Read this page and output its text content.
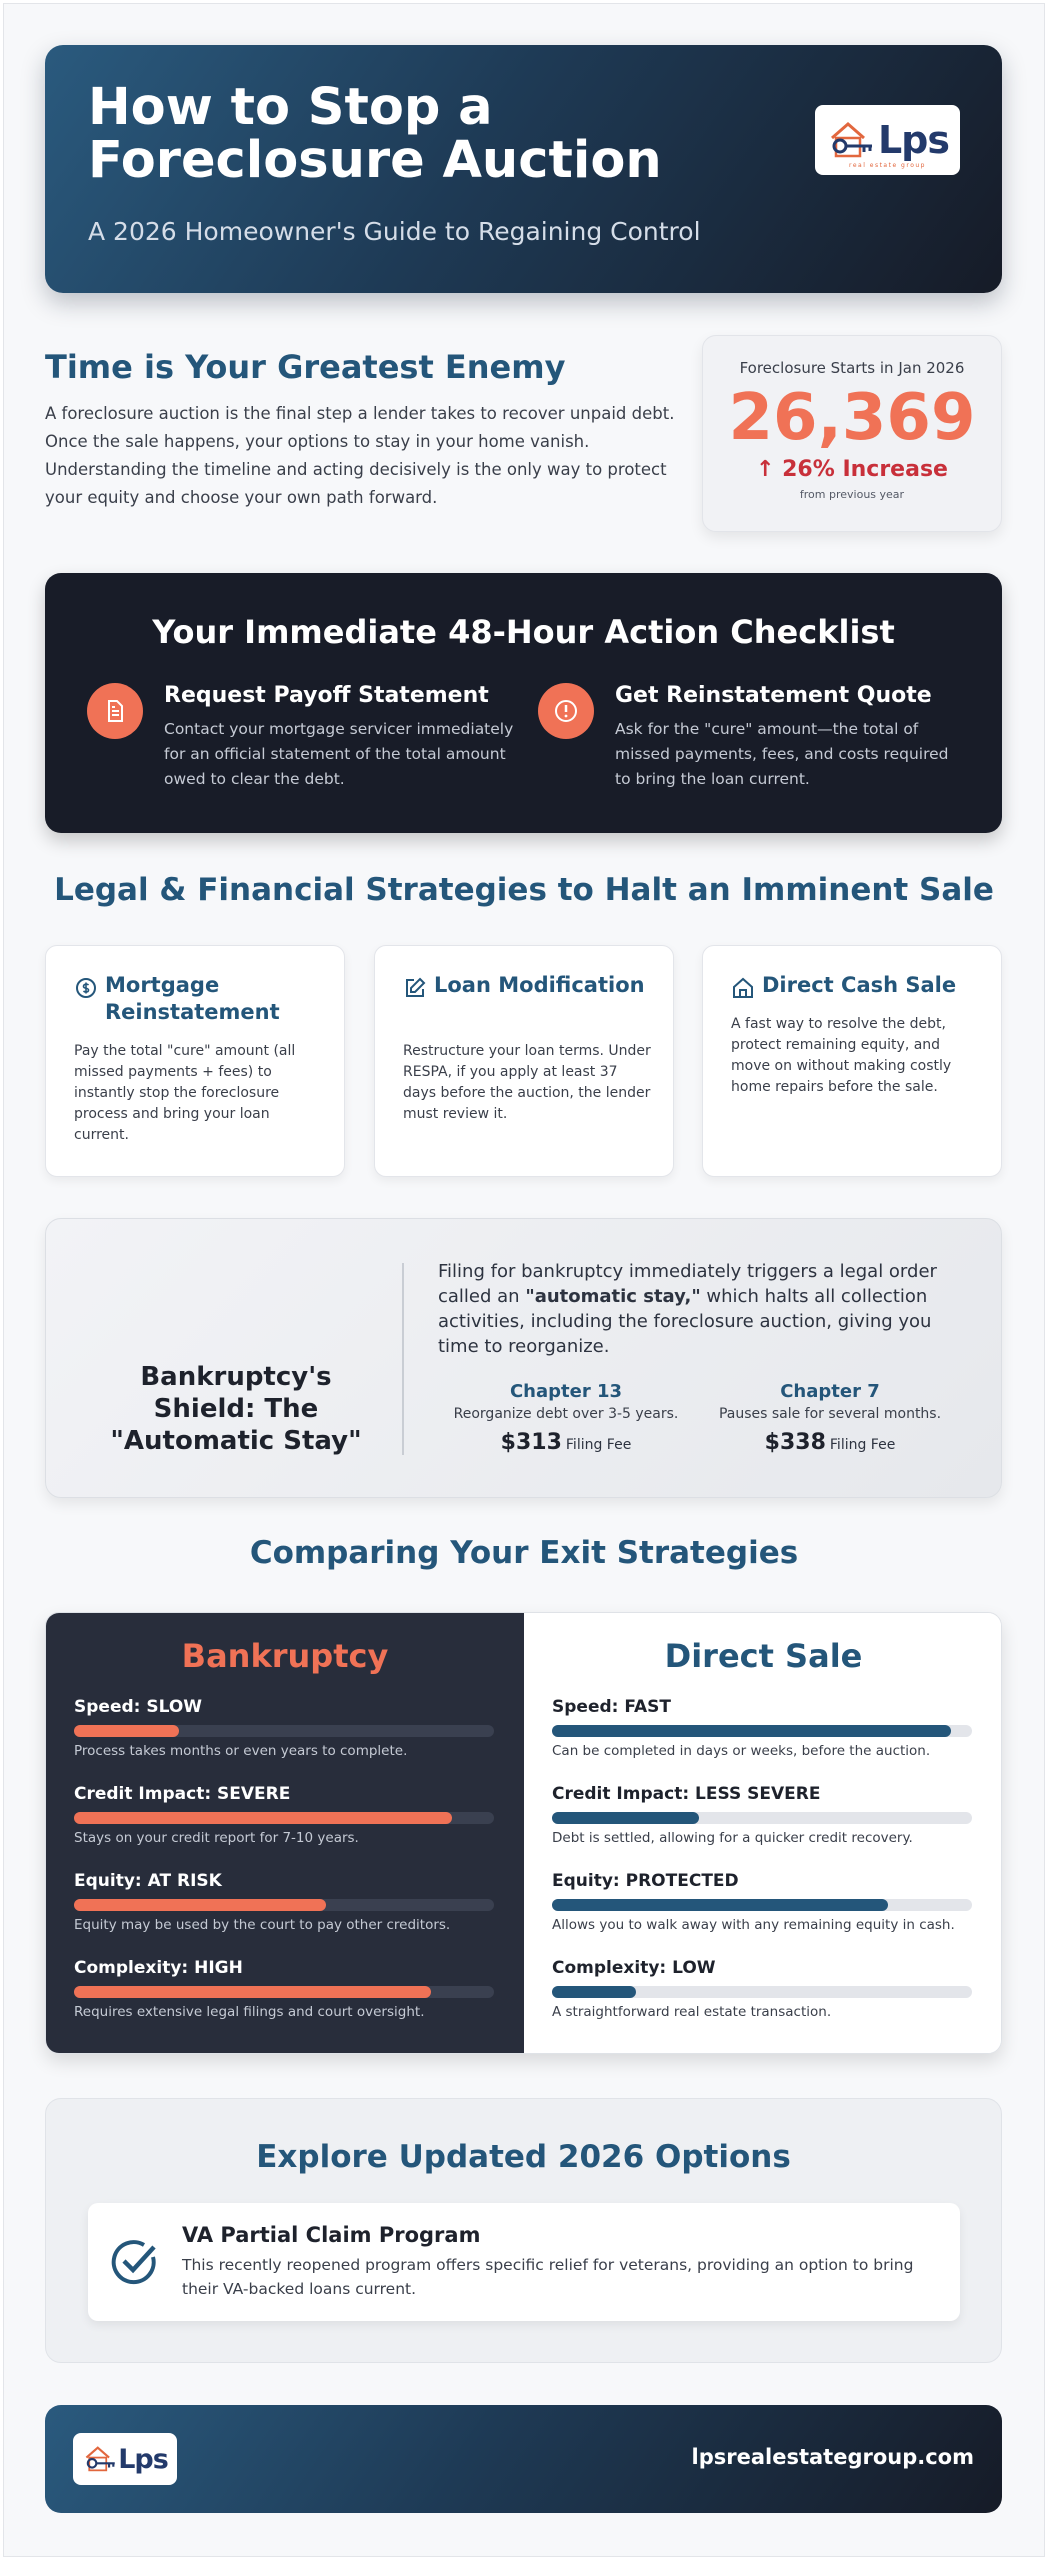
How to Stop a Foreclosure Auction
A 2026 Homeowner's Guide to Regaining Control
Lps
real estate group
Time is Your Greatest Enemy
A foreclosure auction is the final step a lender takes to recover unpaid debt. Once the sale happens, your options to stay in your home vanish. Understanding the timeline and acting decisively is the only way to protect your equity and choose your own path forward.
Foreclosure Starts in Jan 2026
26,369
↑ 26% Increase
from previous year
Your Immediate 48-Hour Action Checklist
Request Payoff Statement

Contact your mortgage servicer immediately for an official statement of the total amount owed to clear the debt.

Get Reinstatement Quote

Ask for the "cure" amount—the total of missed payments, fees, and costs required to bring the loan current.

Legal & Financial Strategies to Halt an Imminent Sale
Mortgage Reinstatement

Pay the total "cure" amount (all missed payments + fees) to instantly stop the foreclosure process and bring your loan current.

Loan Modification

Restructure your loan terms. Under RESPA, if you apply at least 37 days before the auction, the lender must review it.

Direct Cash Sale

A fast way to resolve the debt, protect remaining equity, and move on without making costly home repairs before the sale.

Bankruptcy's Shield: The "Automatic Stay"
Filing for bankruptcy immediately triggers a legal order called an "automatic stay," which halts all collection activities, including the foreclosure auction, giving you time to reorganize.
Chapter 13
Reorganize debt over 3-5 years.
$313 Filing Fee
Chapter 7
Pauses sale for several months.
$338 Filing Fee
Comparing Your Exit Strategies
Bankruptcy
Speed: SLOW
Process takes months or even years to complete.
Credit Impact: SEVERE
Stays on your credit report for 7-10 years.
Equity: AT RISK
Equity may be used by the court to pay other creditors.
Complexity: HIGH
Requires extensive legal filings and court oversight.
Direct Sale
Speed: FAST
Can be completed in days or weeks, before the auction.
Credit Impact: LESS SEVERE
Debt is settled, allowing for a quicker credit recovery.
Equity: PROTECTED
Allows you to walk away with any remaining equity in cash.
Complexity: LOW
A straightforward real estate transaction.
Explore Updated 2026 Options
VA Partial Claim Program

This recently reopened program offers specific relief for veterans, providing an option to bring their VA-backed loans current.

Lps	lpsrealestategroup.com
